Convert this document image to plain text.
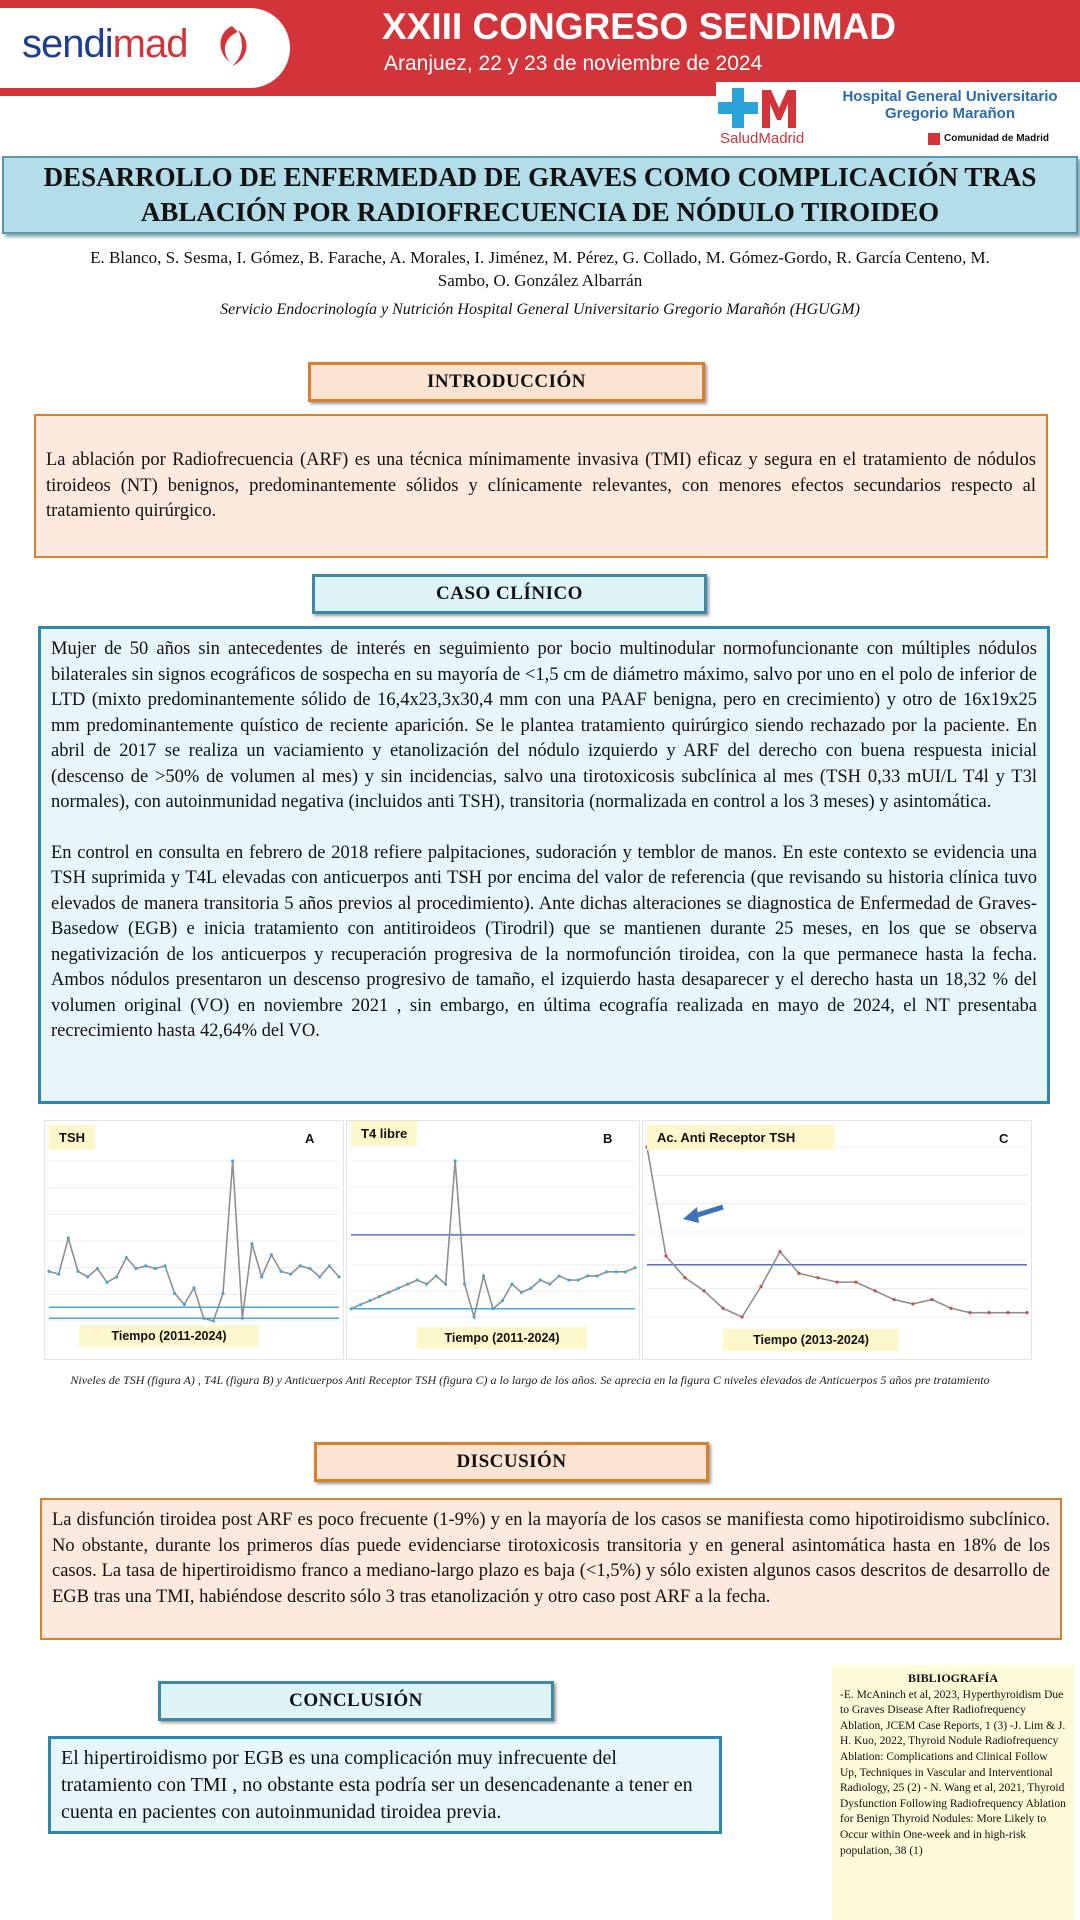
sendimad	XXIII CONGRESO SENDIMAD
Aranjuez, 22 y 23 de noviembre de 2024
SaludMadrid
Hospital General Universitario Gregorio Marañon
Comunidad de Madrid
DESARROLLO DE ENFERMEDAD DE GRAVES COMO COMPLICACIÓN TRAS ABLACIÓN POR RADIOFRECUENCIA DE NÓDULO TIROIDEO
E. Blanco, S. Sesma, I. Gómez, B. Farache, A. Morales, I. Jiménez, M. Pérez, G. Collado, M. Gómez-Gordo, R. García Centeno, M. Sambo, O. González Albarrán
Servicio Endocrinología y Nutrición Hospital General Universitario Gregorio Marañón (HGUGM)
INTRODUCCIÓN

La ablación por Radiofrecuencia (ARF) es una técnica mínimamente invasiva (TMI) eficaz y segura en el tratamiento de nódulos tiroideos (NT) benignos, predominantemente sólidos y clínicamente relevantes, con menores efectos secundarios respecto al tratamiento quirúrgico.

CASO CLÍNICO

Mujer de 50 años sin antecedentes de interés en seguimiento por bocio multinodular normofuncionante con múltiples nódulos bilaterales sin signos ecográficos de sospecha en su mayoría de <1,5 cm de diámetro máximo, salvo por uno en el polo de inferior de LTD (mixto predominantemente sólido de 16,4x23,3x30,4 mm con una PAAF benigna, pero en crecimiento) y otro de 16x19x25 mm predominantemente quístico de reciente aparición. Se le plantea tratamiento quirúrgico siendo rechazado por la paciente. En abril de 2017 se realiza un vaciamiento y etanolización del nódulo izquierdo y ARF del derecho con buena respuesta inicial (descenso de >50% de volumen al mes) y sin incidencias, salvo una tirotoxicosis subclínica al mes (TSH 0,33 mUI/L T4l y T3l normales), con autoinmunidad negativa (incluidos anti TSH), transitoria (normalizada en control a los 3 meses) y asintomática.

En control en consulta en febrero de 2018 refiere palpitaciones, sudoración y temblor de manos. En este contexto se evidencia una TSH suprimida y T4L elevadas con anticuerpos anti TSH por encima del valor de referencia (que revisando su historia clínica tuvo elevados de manera transitoria 5 años previos al procedimiento). Ante dichas alteraciones se diagnostica de Enfermedad de Graves-Basedow (EGB) e inicia tratamiento con antitiroideos (Tirodril) que se mantienen durante 25 meses, en los que se observa negativización de los anticuerpos y recuperación progresiva de la normofunción tiroidea, con la que permanece hasta la fecha. Ambos nódulos presentaron un descenso progresivo de tamaño, el izquierdo hasta desaparecer y el derecho hasta un 18,32 % del volumen original (VO) en noviembre 2021 , sin embargo, en última ecografía realizada en mayo de 2024, el NT presentaba recrecimiento hasta 42,64% del VO.

TSH	A
Tiempo (2011-2024)
T4 libre	B
Tiempo (2011-2024)
Ac. Anti Receptor TSH	C
Tiempo (2013-2024)
Niveles de TSH (figura A) , T4L (figura B) y Anticuerpos Anti Receptor TSH (figura C) a lo largo de los años. Se aprecia en la figura C niveles elevados de Anticuerpos 5 años pre tratamiento
DISCUSIÓN

La disfunción tiroidea post ARF es poco frecuente (1-9%) y en la mayoría de los casos se manifiesta como hipotiroidismo subclínico. No obstante, durante los primeros días puede evidenciarse tirotoxicosis transitoria y en general asintomática hasta en 18% de los casos. La tasa de hipertiroidismo franco a mediano-largo plazo es baja (<1,5%) y sólo existen algunos casos descritos de desarrollo de EGB tras una TMI, habiéndose descrito sólo 3 tras etanolización y otro caso post ARF a la fecha.

CONCLUSIÓN

El hipertiroidismo por EGB es una complicación muy infrecuente del tratamiento con TMI , no obstante esta podría ser un desencadenante a tener en cuenta en pacientes con autoinmunidad tiroidea previa.

BIBLIOGRAFÍA
-E. McAninch et al, 2023, Hyperthyroidism Due to Graves Disease After Radiofrequency Ablation, JCEM Case Reports, 1 (3) -J. Lim & J. H. Kuo, 2022, Thyroid Nodule Radiofrequency Ablation: Complications and Clinical Follow Up, Techniques in Vascular and Interventional Radiology, 25 (2) - N. Wang et al, 2021, Thyroid Dysfunction Following Radiofrequency Ablation for Benign Thyroid Nodules: More Likely to Occur within One-week and in high-risk population, 38 (1)
